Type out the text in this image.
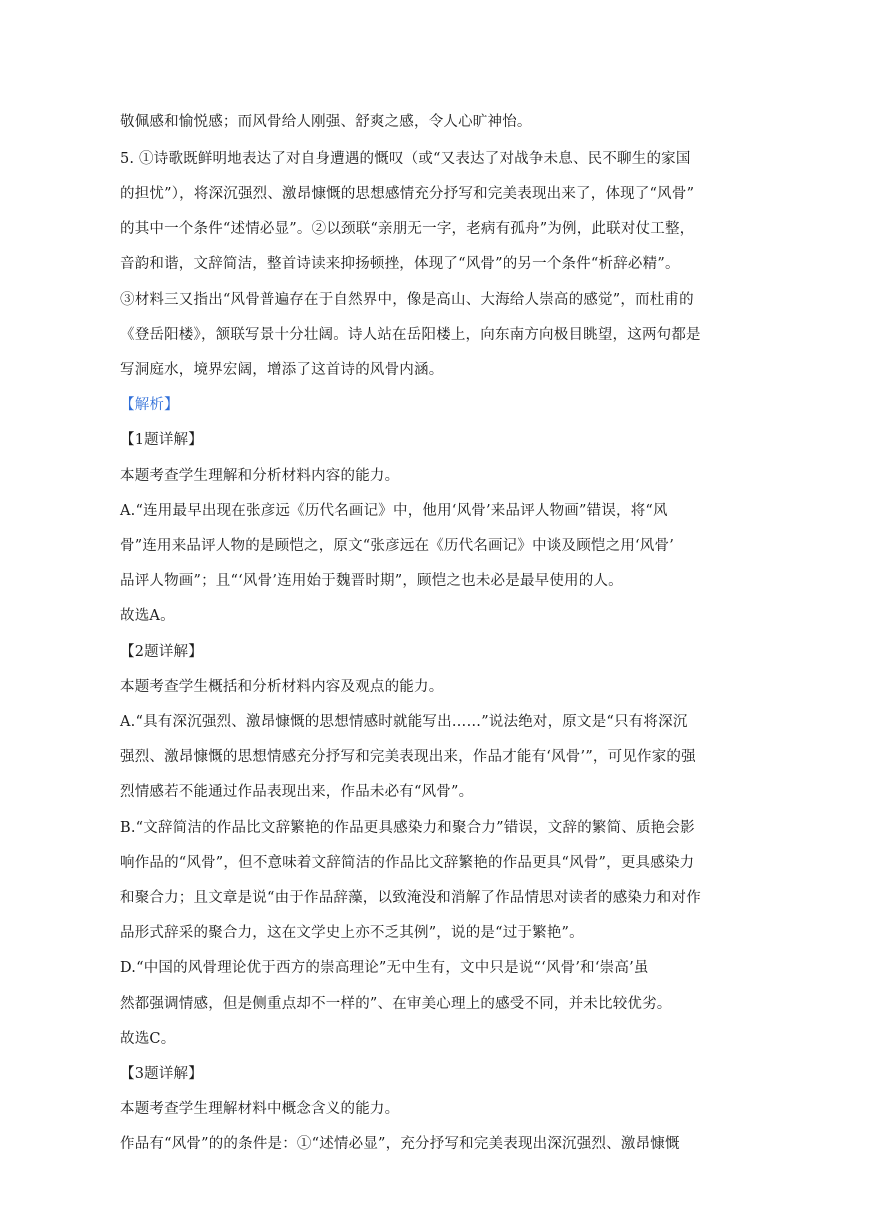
敬佩感和愉悦感；而风骨给人刚强、舒爽之感，令人心旷神怡。
5. ①诗歌既鲜明地表达了对自身遭遇的慨叹（或“又表达了对战争未息、民不聊生的家国
的担忧”），将深沉强烈、激昂慷慨的思想感情充分抒写和完美表现出来了，体现了“风骨”
的其中一个条件“述情必显”。②以颈联“亲朋无一字，老病有孤舟”为例，此联对仗工整，
音韵和谐，文辞简洁，整首诗读来抑扬顿挫，体现了“风骨”的另一个条件“析辞必精”。
③材料三又指出“风骨普遍存在于自然界中，像是高山、大海给人崇高的感觉”，而杜甫的
《登岳阳楼》，颔联写景十分壮阔。诗人站在岳阳楼上，向东南方向极目眺望，这两句都是
写洞庭水，境界宏阔，增添了这首诗的风骨内涵。
【解析】
【1题详解】
本题考查学生理解和分析材料内容的能力。
A.“连用最早出现在张彦远《历代名画记》中，他用‘风骨’来品评人物画”错误，将“风
骨”连用来品评人物的是顾恺之，原文“张彦远在《历代名画记》中谈及顾恺之用‘风骨’
品评人物画”；且“‘风骨’连用始于魏晋时期”，顾恺之也未必是最早使用的人。
故选A。
【2题详解】
本题考查学生概括和分析材料内容及观点的能力。
A.“具有深沉强烈、激昂慷慨的思想情感时就能写出……”说法绝对，原文是“只有将深沉
强烈、激昂慷慨的思想情感充分抒写和完美表现出来，作品才能有‘风骨’”，可见作家的强
烈情感若不能通过作品表现出来，作品未必有“风骨”。
B.“文辞简洁的作品比文辞繁艳的作品更具感染力和聚合力”错误，文辞的繁简、质艳会影
响作品的“风骨”，但不意味着文辞简洁的作品比文辞繁艳的作品更具“风骨”，更具感染力
和聚合力；且文章是说“由于作品辞藻，以致淹没和消解了作品情思对读者的感染力和对作
品形式辞采的聚合力，这在文学史上亦不乏其例”，说的是“过于繁艳”。
D.“中国的风骨理论优于西方的崇高理论”无中生有，文中只是说“‘风骨’和‘崇高’虽
然都强调情感，但是侧重点却不一样的”、在审美心理上的感受不同，并未比较优劣。
故选C。
【3题详解】
本题考查学生理解材料中概念含义的能力。
作品有“风骨”的的条件是：①“述情必显”，充分抒写和完美表现出深沉强烈、激昂慷慨
